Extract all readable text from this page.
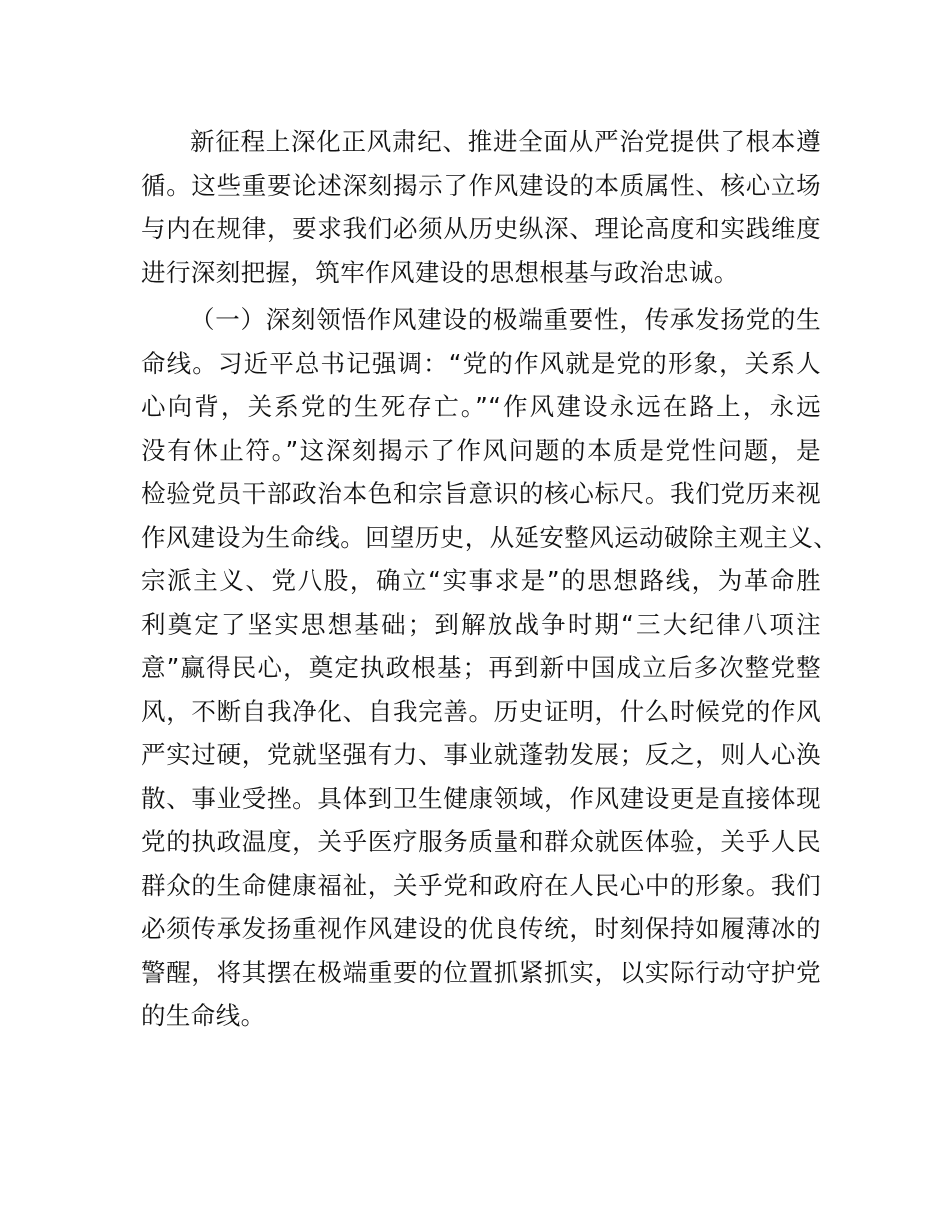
新征程上深化正风肃纪、推进全面从严治党提供了根本遵
循。这些重要论述深刻揭示了作风建设的本质属性、核心立场
与内在规律，要求我们必须从历史纵深、理论高度和实践维度
进行深刻把握，筑牢作风建设的思想根基与政治忠诚。
（一）深刻领悟作风建设的极端重要性，传承发扬党的生
命线。习近平总书记强调：“党的作风就是党的形象，关系人
心向背，关系党的生死存亡。”“作风建设永远在路上，永远
没有休止符。”这深刻揭示了作风问题的本质是党性问题，是
检验党员干部政治本色和宗旨意识的核心标尺。我们党历来视
作风建设为生命线。回望历史，从延安整风运动破除主观主义、
宗派主义、党八股，确立“实事求是”的思想路线，为革命胜
利奠定了坚实思想基础；到解放战争时期“三大纪律八项注
意”赢得民心，奠定执政根基；再到新中国成立后多次整党整
风，不断自我净化、自我完善。历史证明，什么时候党的作风
严实过硬，党就坚强有力、事业就蓬勃发展；反之，则人心涣
散、事业受挫。具体到卫生健康领域，作风建设更是直接体现
党的执政温度，关乎医疗服务质量和群众就医体验，关乎人民
群众的生命健康福祉，关乎党和政府在人民心中的形象。我们
必须传承发扬重视作风建设的优良传统，时刻保持如履薄冰的
警醒，将其摆在极端重要的位置抓紧抓实，以实际行动守护党
的生命线。
